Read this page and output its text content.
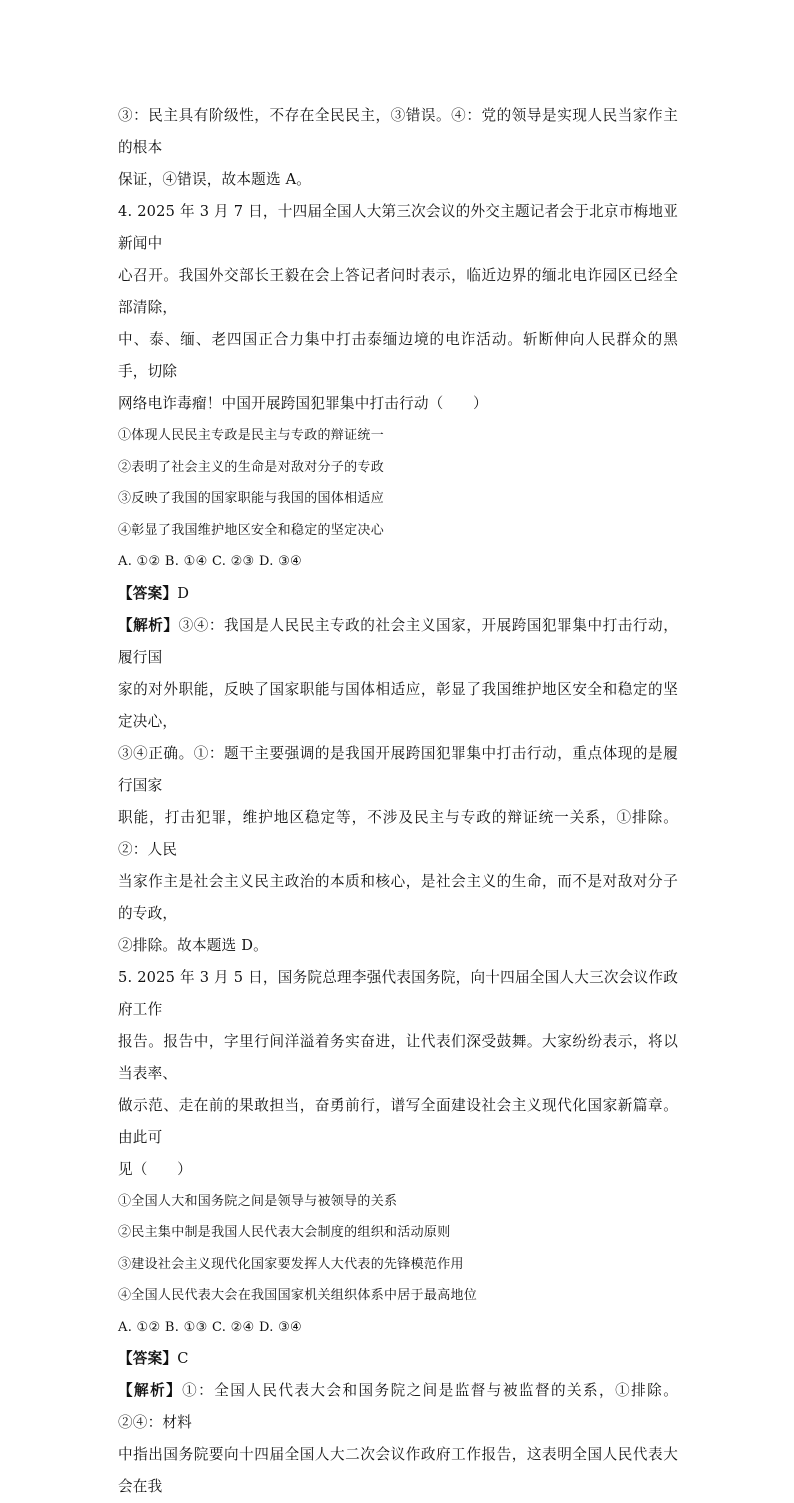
③：民主具有阶级性，不存在全民民主，③错误。④：党的领导是实现人民当家作主的根本

保证，④错误，故本题选 A。

4. 2025 年 3 月 7 日，十四届全国人大第三次会议的外交主题记者会于北京市梅地亚新闻中

心召开。我国外交部长王毅在会上答记者问时表示，临近边界的缅北电诈园区已经全部清除，

中、泰、缅、老四国正合力集中打击泰缅边境的电诈活动。斩断伸向人民群众的黑手，切除

网络电诈毒瘤！中国开展跨国犯罪集中打击行动（　　）

①体现人民民主专政是民主与专政的辩证统一

②表明了社会主义的生命是对敌对分子的专政

③反映了我国的国家职能与我国的国体相适应

④彰显了我国维护地区安全和稳定的坚定决心

A. ①② B. ①④ C. ②③ D. ③④

【答案】D

【解析】③④：我国是人民民主专政的社会主义国家，开展跨国犯罪集中打击行动，履行国

家的对外职能，反映了国家职能与国体相适应，彰显了我国维护地区安全和稳定的坚定决心，

③④正确。①：题干主要强调的是我国开展跨国犯罪集中打击行动，重点体现的是履行国家

职能，打击犯罪，维护地区稳定等，不涉及民主与专政的辩证统一关系，①排除。②：人民

当家作主是社会主义民主政治的本质和核心，是社会主义的生命，而不是对敌对分子的专政，

②排除。故本题选 D。

5. 2025 年 3 月 5 日，国务院总理李强代表国务院，向十四届全国人大三次会议作政府工作

报告。报告中，字里行间洋溢着务实奋进，让代表们深受鼓舞。大家纷纷表示，将以当表率、

做示范、走在前的果敢担当，奋勇前行，谱写全面建设社会主义现代化国家新篇章。由此可

见（　　）

①全国人大和国务院之间是领导与被领导的关系

②民主集中制是我国人民代表大会制度的组织和活动原则

③建设社会主义现代化国家要发挥人大代表的先锋模范作用

④全国人民代表大会在我国国家机关组织体系中居于最高地位

A. ①② B. ①③ C. ②④ D. ③④

【答案】C

【解析】①：全国人民代表大会和国务院之间是监督与被监督的关系，①排除。②④：材料

中指出国务院要向十四届全国人大二次会议作政府工作报告，这表明全国人民代表大会在我
